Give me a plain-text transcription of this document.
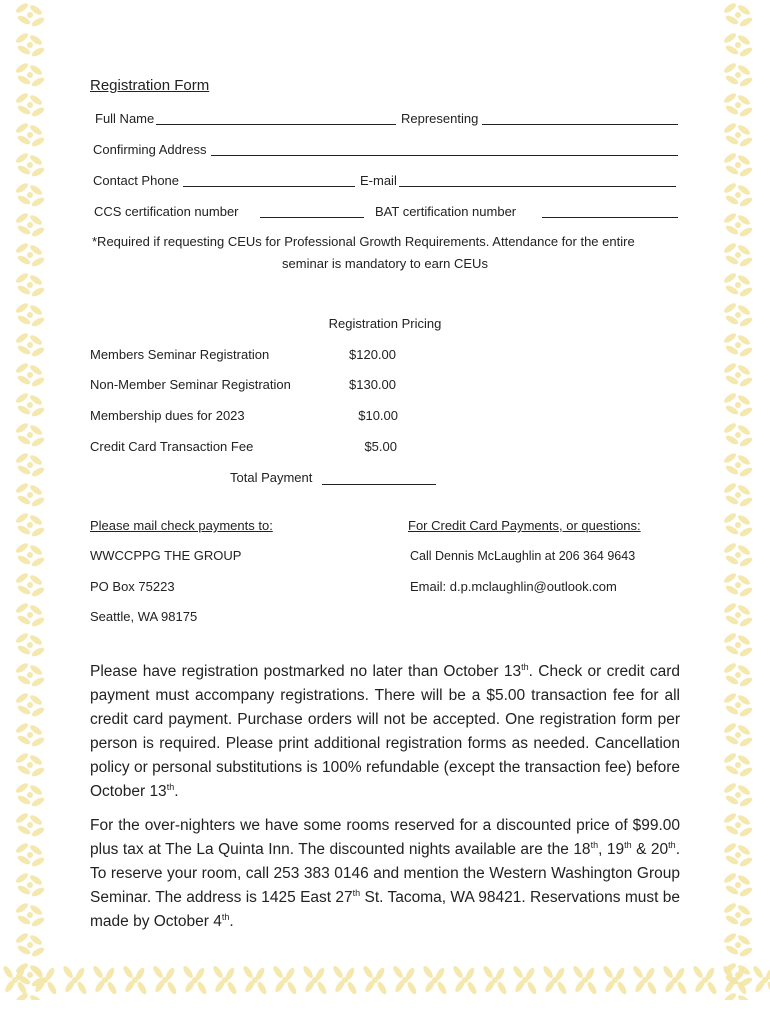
Registration Form
Full Name	Representing
Confirming Address
Contact Phone	E-mail
CCS certification number	BAT certification number
*Required if requesting CEUs for Professional Growth Requirements. Attendance for the entire
seminar is mandatory to earn CEUs
Registration Pricing
Members Seminar Registration	$120.00
Non-Member Seminar Registration	$130.00
Membership dues for 2023	$10.00
Credit Card Transaction Fee	$5.00
Total Payment
Please mail check payments to:	For Credit Card Payments, or questions:
WWCCPPG THE GROUP	Call Dennis McLaughlin at 206 364 9643
PO Box 75223	Email: d.p.mclaughlin@outlook.com
Seattle, WA 98175
Please have registration postmarked no later than October 13th. Check or credit card payment must accompany registrations. There will be a $5.00 transaction fee for all credit card payment. Purchase orders will not be accepted. One registration form per person is required. Please print additional registration forms as needed. Cancellation policy or personal substitutions is 100% refundable (except the transaction fee) before October 13th.
For the over-nighters we have some rooms reserved for a discounted price of $99.00 plus tax at The La Quinta Inn. The discounted nights available are the 18th, 19th & 20th. To reserve your room, call 253 383 0146 and mention the Western Washington Group Seminar. The address is 1425 East 27th St. Tacoma, WA 98421. Reservations must be made by October 4th.
